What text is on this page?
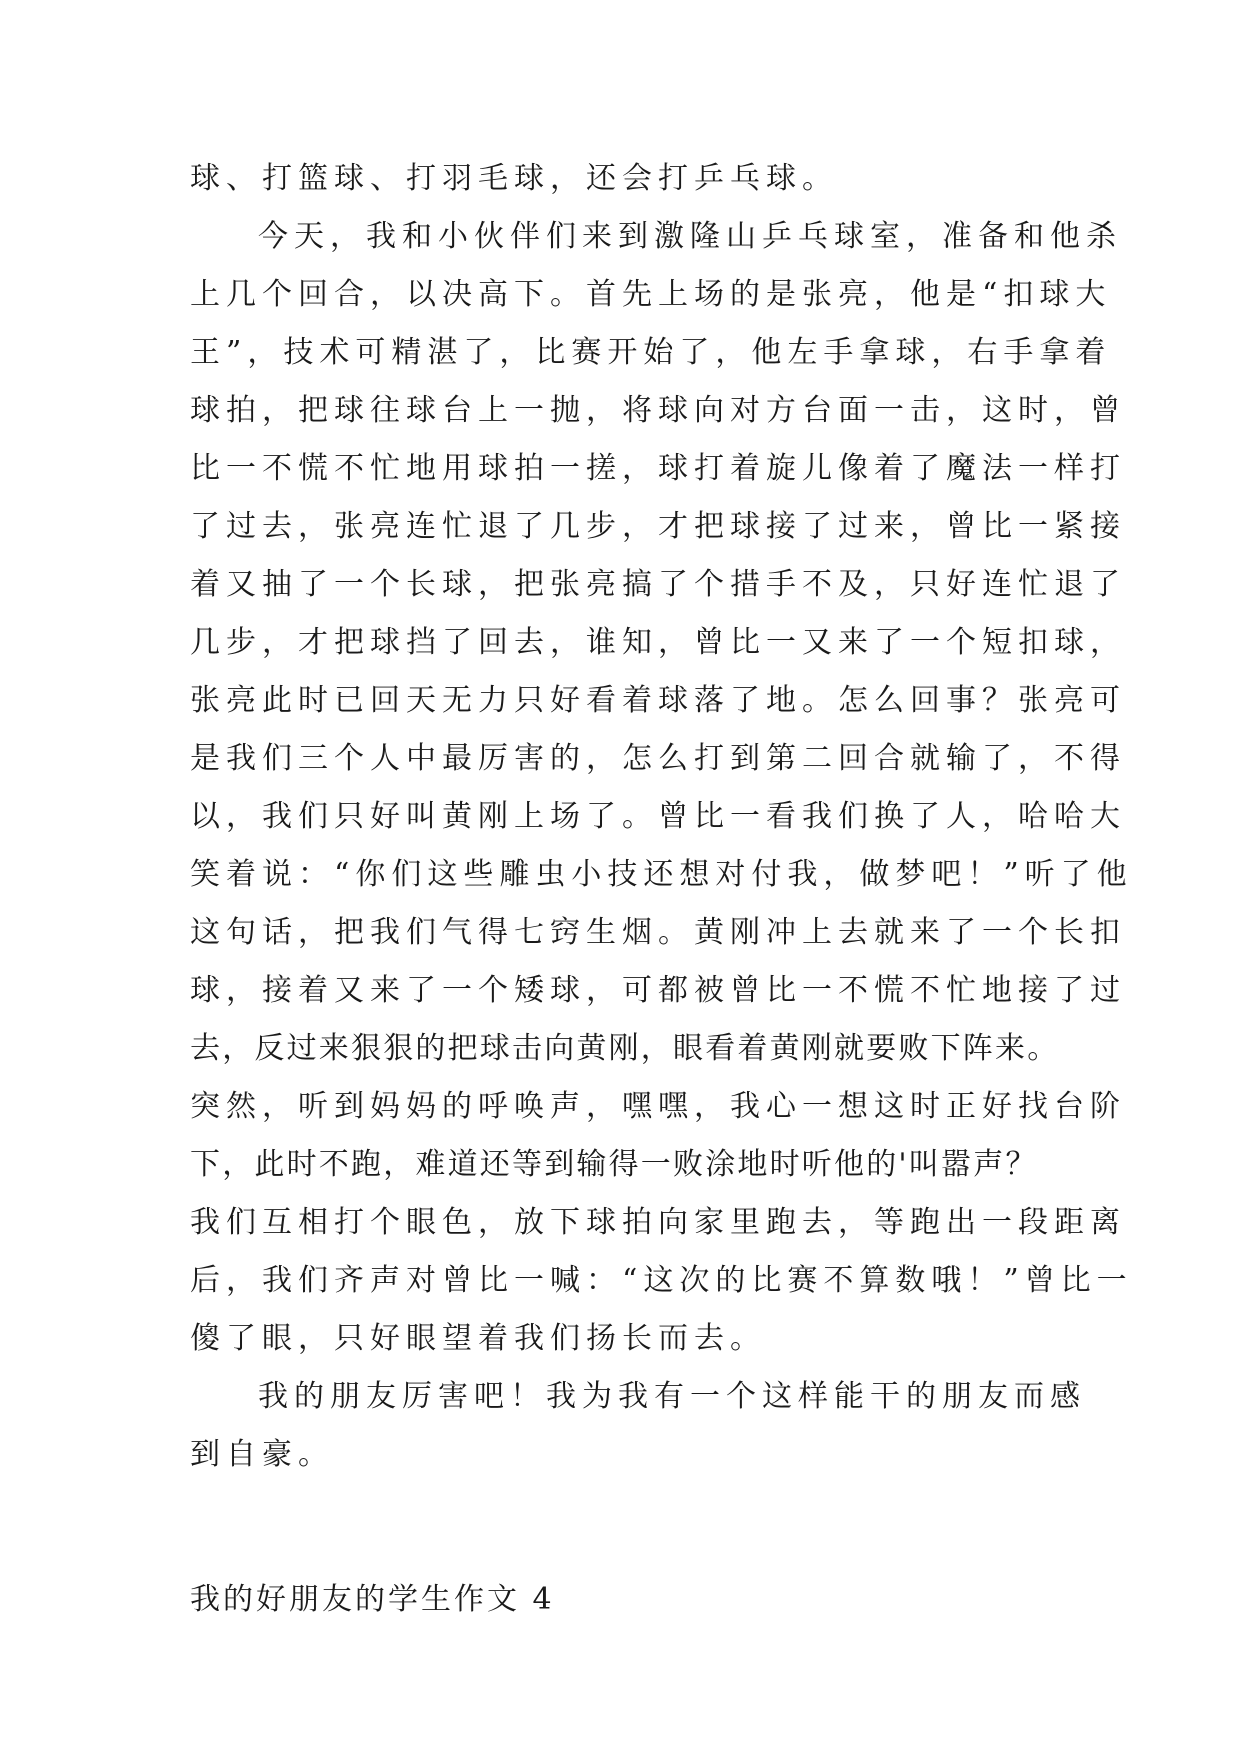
球、打篮球、打羽毛球，还会打乒乓球。
今天，我和小伙伴们来到激隆山乒乓球室，准备和他杀
上几个回合，以决高下。首先上场的是张亮，他是“扣球大
王”，技术可精湛了，比赛开始了，他左手拿球，右手拿着
球拍，把球往球台上一抛，将球向对方台面一击，这时，曾
比一不慌不忙地用球拍一搓，球打着旋儿像着了魔法一样打
了过去，张亮连忙退了几步，才把球接了过来，曾比一紧接
着又抽了一个长球，把张亮搞了个措手不及，只好连忙退了
几步，才把球挡了回去，谁知，曾比一又来了一个短扣球，
张亮此时已回天无力只好看着球落了地。怎么回事？张亮可
是我们三个人中最厉害的，怎么打到第二回合就输了，不得
以，我们只好叫黄刚上场了。曾比一看我们换了人，哈哈大
笑着说：“你们这些雕虫小技还想对付我，做梦吧！”听了他
这句话，把我们气得七窍生烟。黄刚冲上去就来了一个长扣
球，接着又来了一个矮球，可都被曾比一不慌不忙地接了过
去，反过来狠狠的把球击向黄刚，眼看着黄刚就要败下阵来。
突然，听到妈妈的呼唤声，嘿嘿，我心一想这时正好找台阶
下，此时不跑，难道还等到输得一败涂地时听他的'叫嚣声？
我们互相打个眼色，放下球拍向家里跑去，等跑出一段距离
后，我们齐声对曾比一喊：“这次的比赛不算数哦！”曾比一
傻了眼，只好眼望着我们扬长而去。
我的朋友厉害吧！我为我有一个这样能干的朋友而感
到自豪。
我的好朋友的学生作文 4
